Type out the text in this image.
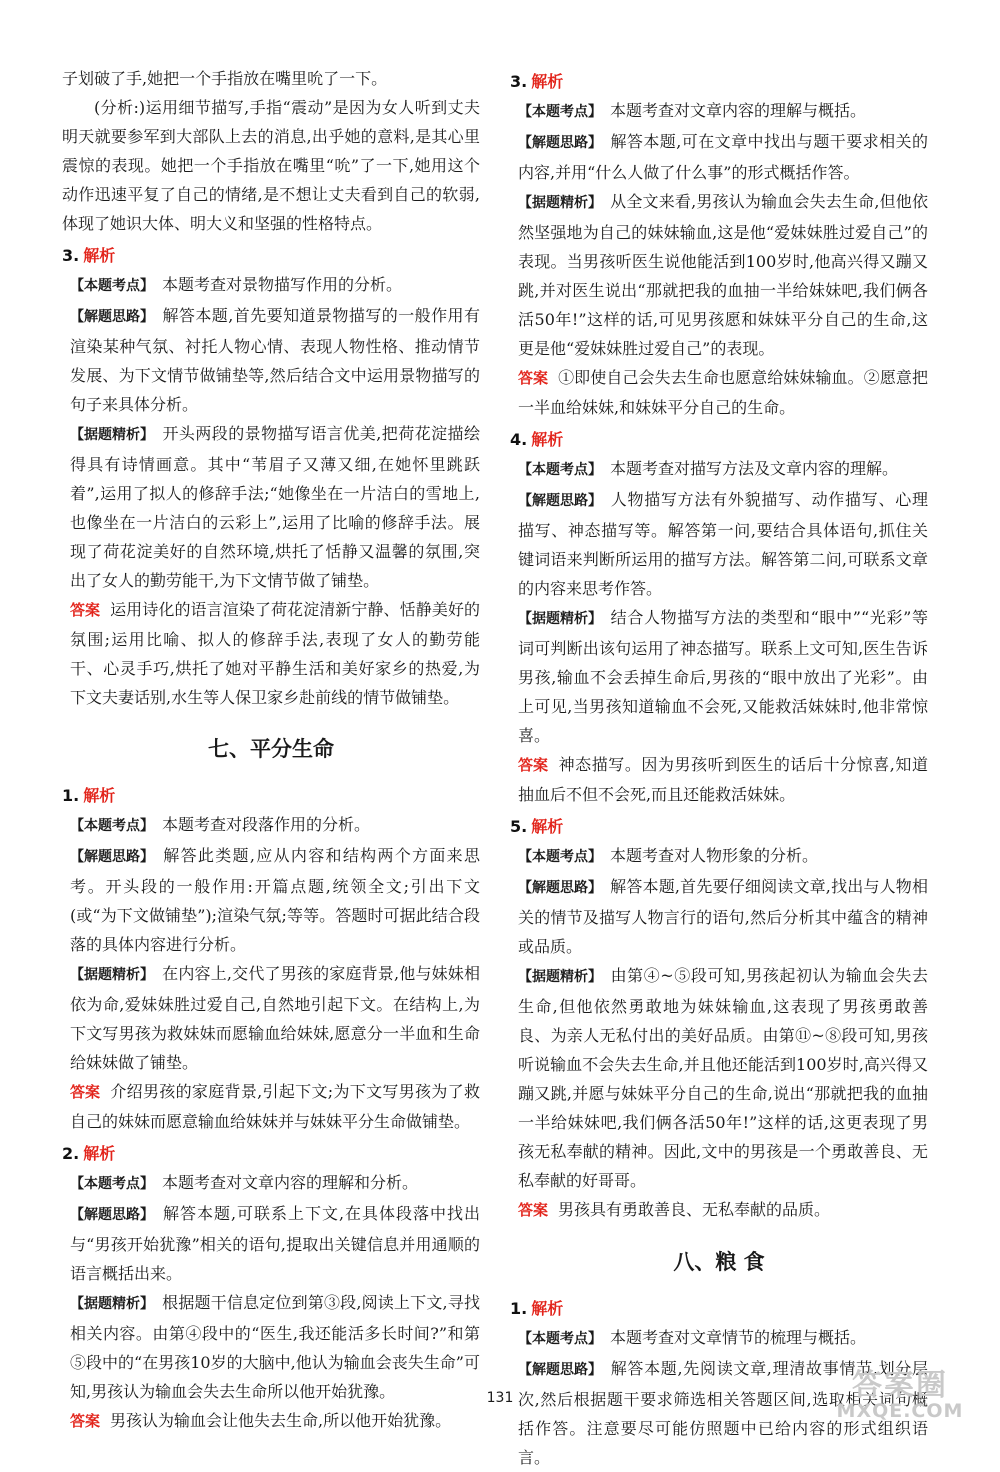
子划破了手,她把一个手指放在嘴里吮了一下。

(分析:)运用细节描写,手指“震动”是因为女人听到丈夫明天就要参军到大部队上去的消息,出乎她的意料,是其心里震惊的表现。她把一个手指放在嘴里“吮”了一下,她用这个动作迅速平复了自己的情绪,是不想让丈夫看到自己的软弱,体现了她识大体、明大义和坚强的性格特点。

3. 解析

【本题考点】 本题考查对景物描写作用的分析。

【解题思路】 解答本题,首先要知道景物描写的一般作用有渲染某种气氛、衬托人物心情、表现人物性格、推动情节发展、为下文情节做铺垫等,然后结合文中运用景物描写的句子来具体分析。

【据题精析】 开头两段的景物描写语言优美,把荷花淀描绘得具有诗情画意。其中“苇眉子又薄又细,在她怀里跳跃着”,运用了拟人的修辞手法;“她像坐在一片洁白的雪地上,也像坐在一片洁白的云彩上”,运用了比喻的修辞手法。展现了荷花淀美好的自然环境,烘托了恬静又温馨的氛围,突出了女人的勤劳能干,为下文情节做了铺垫。

答案 运用诗化的语言渲染了荷花淀清新宁静、恬静美好的氛围;运用比喻、拟人的修辞手法,表现了女人的勤劳能干、心灵手巧,烘托了她对平静生活和美好家乡的热爱,为下文夫妻话别,水生等人保卫家乡赴前线的情节做铺垫。

七、平分生命
1. 解析

【本题考点】 本题考查对段落作用的分析。

【解题思路】 解答此类题,应从内容和结构两个方面来思考。开头段的一般作用:开篇点题,统领全文;引出下文(或“为下文做铺垫”);渲染气氛;等等。答题时可据此结合段落的具体内容进行分析。

【据题精析】 在内容上,交代了男孩的家庭背景,他与妹妹相依为命,爱妹妹胜过爱自己,自然地引起下文。在结构上,为下文写男孩为救妹妹而愿输血给妹妹,愿意分一半血和生命给妹妹做了铺垫。

答案 介绍男孩的家庭背景,引起下文;为下文写男孩为了救自己的妹妹而愿意输血给妹妹并与妹妹平分生命做铺垫。

2. 解析

【本题考点】 本题考查对文章内容的理解和分析。

【解题思路】 解答本题,可联系上下文,在具体段落中找出与“男孩开始犹豫”相关的语句,提取出关键信息并用通顺的语言概括出来。

【据题精析】 根据题干信息定位到第③段,阅读上下文,寻找相关内容。由第④段中的“医生,我还能活多长时间?”和第⑤段中的“在男孩10岁的大脑中,他认为输血会丧失生命”可知,男孩认为输血会失去生命所以他开始犹豫。

答案 男孩认为输血会让他失去生命,所以他开始犹豫。

3. 解析

【本题考点】 本题考查对文章内容的理解与概括。

【解题思路】 解答本题,可在文章中找出与题干要求相关的内容,并用“什么人做了什么事”的形式概括作答。

【据题精析】 从全文来看,男孩认为输血会失去生命,但他依然坚强地为自己的妹妹输血,这是他“爱妹妹胜过爱自己”的表现。当男孩听医生说他能活到100岁时,他高兴得又蹦又跳,并对医生说出“那就把我的血抽一半给妹妹吧,我们俩各活50年!”这样的话,可见男孩愿和妹妹平分自己的生命,这更是他“爱妹妹胜过爱自己”的表现。

答案 ①即使自己会失去生命也愿意给妹妹输血。②愿意把一半血给妹妹,和妹妹平分自己的生命。

4. 解析

【本题考点】 本题考查对描写方法及文章内容的理解。

【解题思路】 人物描写方法有外貌描写、动作描写、心理描写、神态描写等。解答第一问,要结合具体语句,抓住关键词语来判断所运用的描写方法。解答第二问,可联系文章的内容来思考作答。

【据题精析】 结合人物描写方法的类型和“眼中”“光彩”等词可判断出该句运用了神态描写。联系上文可知,医生告诉男孩,输血不会丢掉生命后,男孩的“眼中放出了光彩”。由上可见,当男孩知道输血不会死,又能救活妹妹时,他非常惊喜。

答案 神态描写。因为男孩听到医生的话后十分惊喜,知道抽血后不但不会死,而且还能救活妹妹。

5. 解析

【本题考点】 本题考查对人物形象的分析。

【解题思路】 解答本题,首先要仔细阅读文章,找出与人物相关的情节及描写人物言行的语句,然后分析其中蕴含的精神或品质。

【据题精析】 由第④~⑤段可知,男孩起初认为输血会失去生命,但他依然勇敢地为妹妹输血,这表现了男孩勇敢善良、为亲人无私付出的美好品质。由第⑪~⑧段可知,男孩听说输血不会失去生命,并且他还能活到100岁时,高兴得又蹦又跳,并愿与妹妹平分自己的生命,说出“那就把我的血抽一半给妹妹吧,我们俩各活50年!”这样的话,这更表现了男孩无私奉献的精神。因此,文中的男孩是一个勇敢善良、无私奉献的好哥哥。

答案 男孩具有勇敢善良、无私奉献的品质。

八、粮 食
1. 解析

【本题考点】 本题考查对文章情节的梳理与概括。

【解题思路】 解答本题,先阅读文章,理清故事情节,划分层次,然后根据题干要求筛选相关答题区间,选取相关词句概括作答。注意要尽可能仿照题中已给内容的形式组织语言。

131	答案圈
MXQE.COM
